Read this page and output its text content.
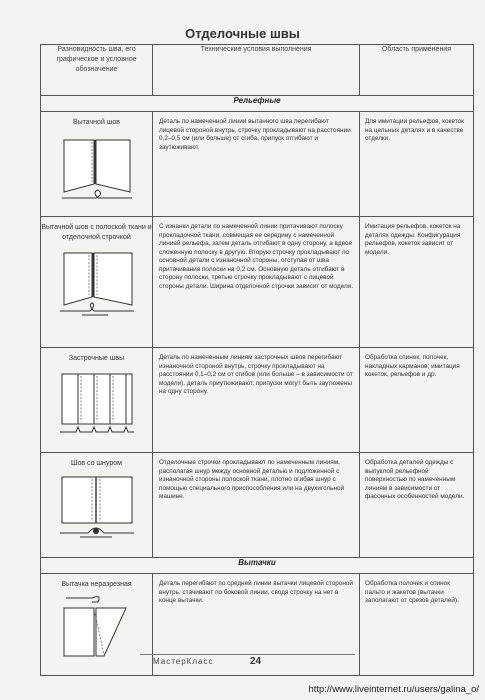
Отделочные швы
Разновидность шва, его графическое и условное обозначение	Технические условия выполнения	Область применения
Рельефные		

Вытачной шов	Деталь по намеченной линии вытачного шва перегибают лицевой стороной внутрь, строчку прокладывают на расстоянии 0,2–0,5 см (или больше) от сгиба, припуск отгибают и заутюживают.	Для имитации рельефов, кокеток на цельных деталях и в качестве отделки.

Вытачной шов с полоской ткани и отделочной строчкой	С изнанки детали по намеченной линии притачивают полоску прокладочной ткани, совмещая ее середину с намеченной линией рельефа, затем деталь отгибают в одну сторону, а вдвое сложенную полоску в другую. Вторую строчку прокладывают по основной детали с изнаночной стороны, отступая от шва притачивания полоски на 0,2 см. Основную деталь отгибают в сторону полоски, третью строчку прокладывают с лицевой стороны детали. Ширина отделочной строчки зависит от модели.	Имитация рельефов, кокеток на деталях одежды. Конфигурация рельефов, кокеток зависит от модели.

Застрочные швы	Деталь по намеченным линиям застрочных швов перегибают изнаночной стороной внутрь, строчку прокладывают на расстоянии 0,1–0,2 см от сгибов (или больше – в зависимости от модели), деталь приутюживают, припуски могут быть заутюжены на одну сторону.	Обработка спинок, полочек, накладных карманов; имитация кокеток, рельефов и др.

Шов со шнуром	Отделочные строчки прокладывают по намеченным линиям, располагая шнур между основной деталью и подложенной с изнаночной стороны полоской ткани, плотно огибая шнур с помощью специального приспособления или на двухигольной машине.	Обработка деталей одежды с выпуклой рельефной поверхностью по намеченным линиям в зависимости от фасонных особенностей модели.
Вытачки		

Вытачка неразрезная	Деталь перегибают по средней линии вытачки лицевой стороной внутрь, стачивают по боковой линии, сводя строчку на нет в конце вытачки.	Обработка полочек и спинок пальто и жакетов (вытачки заполагают от срезов деталей).
МастерКласс	24
http://www.liveinternet.ru/users/galina_o/
